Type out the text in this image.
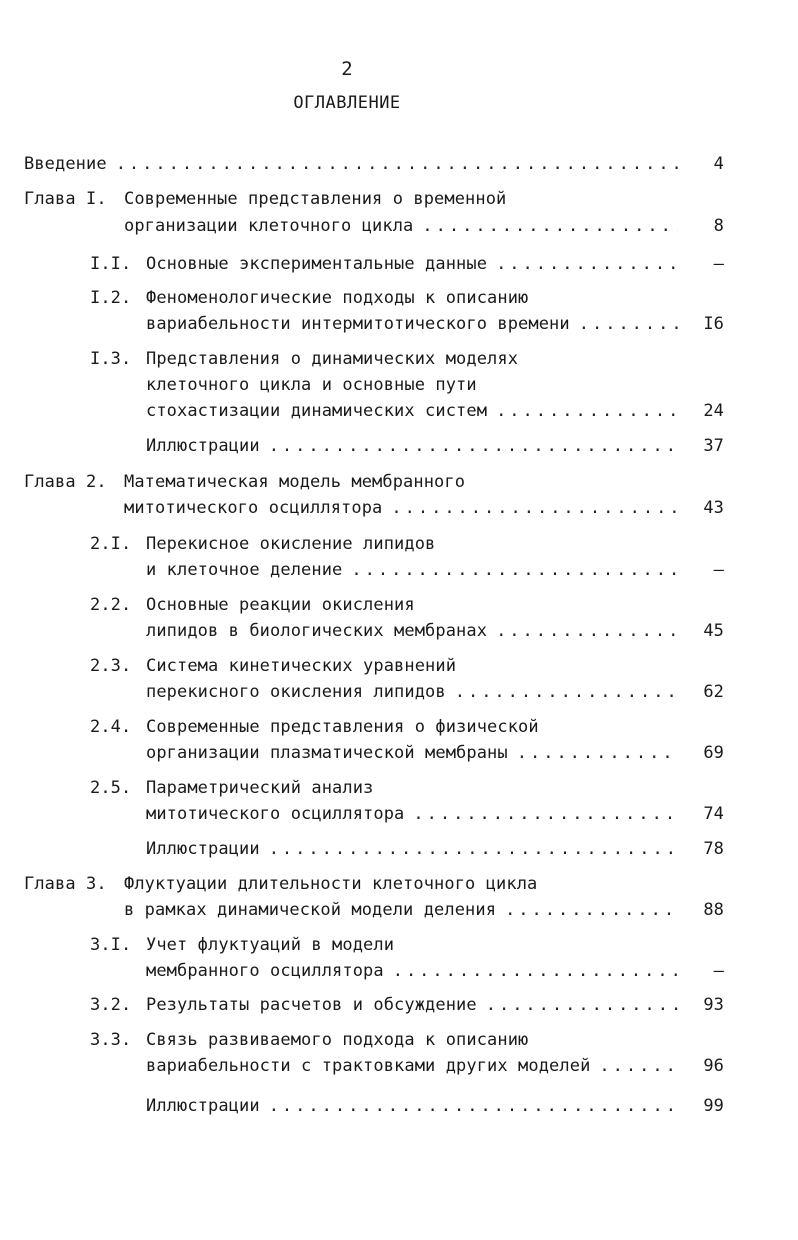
2
ОГЛАВЛЕНИЕ
Введение .....	4
Глава I.	Современные представления о временной
организации клеточного цикла .....	8
I.I. Основные экспериментальные данные .....	–
I.2. Феноменологические подходы к описанию
вариабельности интермитотического времени .....	I6
I.3. Представления о динамических моделях
клеточного цикла и основные пути
стохастизации динамических систем .....	24
Иллюстрации .....	37
Глава 2.	Математическая модель мембранного
митотического осциллятора .....	43
2.I. Перекисное окисление липидов
и клеточное деление .....	–
2.2. Основные реакции окисления
липидов в биологических мембранах .....	45
2.3. Система кинетических уравнений
перекисного окисления липидов .....	62
2.4. Современные представления о физической
организации плазматической мембраны .....	69
2.5. Параметрический анализ
митотического осциллятора .....	74
Иллюстрации .....	78
Глава 3.	Флуктуации длительности клеточного цикла
в рамках динамической модели деления .....	88
3.I. Учет флуктуаций в модели
мембранного осциллятора .....	–
3.2. Результаты расчетов и обсуждение .....	93
3.3. Связь развиваемого подхода к описанию
вариабельности с трактовками других моделей .....	96
Иллюстрации .....	99
